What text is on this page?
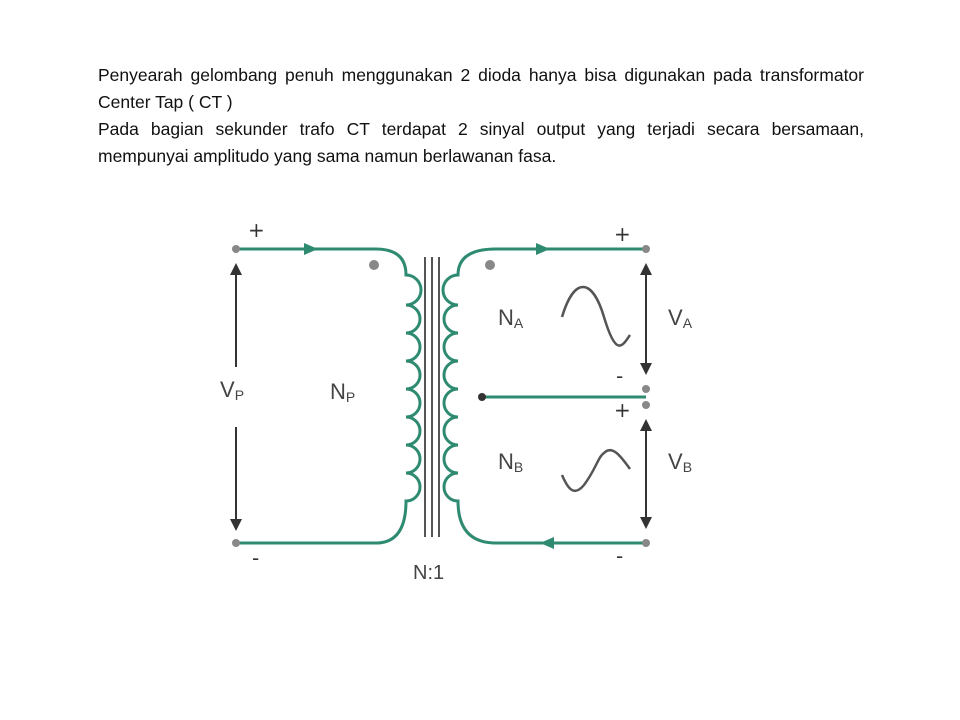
Penyearah gelombang penuh menggunakan 2 dioda hanya bisa digunakan pada transformator Center Tap ( CT )

Pada bagian sekunder trafo CT terdapat 2 sinyal output yang terjadi secara bersamaan, mempunyai amplitudo yang sama namun berlawanan fasa.

+
-
VP	NP
N:1
+
-
+
-
NA
NB
VA
VB
